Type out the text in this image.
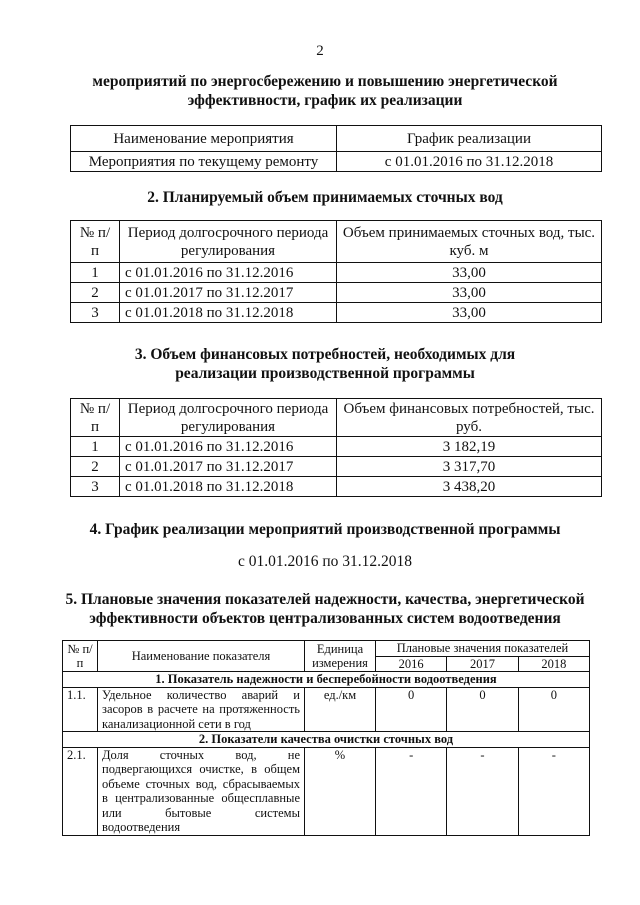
2
мероприятий по энергосбережению и повышению энергетической
эффективности, график их реализации
Наименование мероприятия	График реализации
Мероприятия по текущему ремонту	с 01.01.2016 по 31.12.2018
2. Планируемый объем принимаемых сточных вод
№ п/п	Период долгосрочного периода регулирования	Объем принимаемых сточных вод, тыс. куб. м
1	с 01.01.2016 по 31.12.2016	33,00
2	с 01.01.2017 по 31.12.2017	33,00
3	с 01.01.2018 по 31.12.2018	33,00
3. Объем финансовых потребностей, необходимых для
реализации производственной программы
№ п/п	Период долгосрочного периода регулирования	Объем финансовых потребностей, тыс. руб.
1	с 01.01.2016 по 31.12.2016	3 182,19
2	с 01.01.2017 по 31.12.2017	3 317,70
3	с 01.01.2018 по 31.12.2018	3 438,20
4. График реализации мероприятий производственной программы
с 01.01.2016 по 31.12.2018
5. Плановые значения показателей надежности, качества, энергетической
эффективности объектов централизованных систем водоотведения
№ п/п	Наименование показателя	Единица измерения	Плановые значения показателей		
			2016	2017	2018
1. Показатель надежности и бесперебойности водоотведения					
1.1.	Удельное количество аварий и засоров в расчете на протяженность канализационной сети в год	ед./км	0	0	0
2. Показатели качества очистки сточных вод					
2.1.	Доля сточных вод, не подвергающихся очистке, в общем объеме сточных вод, сбрасываемых в централизованные общесплавные или бытовые системы водоотведения	%	-	-	-
